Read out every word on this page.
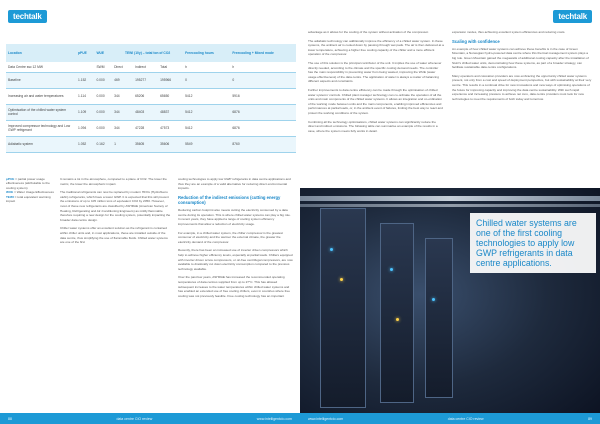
techtalk
Location	pPUE	WUE	TEWI (10y) – total ton of CO2			Freecooling hours	Freecooling + Mixed mode
Data Centre ssc 12 MW		SWM	Direct	Indirect	Total	h	h
Baseline	1.152	0.000	469	195277	195966	0	0
Increasing air and water temperatures	1.114	0.000	344	65206	65650	5412	5916
Optimisation of the chilled water system control	1.109	0.000	344	48403	48837	5412	6876
Improved compressor technology and Low GWP refrigerant	1.094	0.000	344	47228	47573	5412	6876
Adiabatic system	1.052	0.162	1	35605	35606	5549	8760

pPUE = partial power usage effectiveness (attributable to the cooling system)

WUE = Water Usage Effectiveness

TEWI = total equivalent warming impact

It remains a lot in the atmosphere, compared to a plane of CO2. The lower the metric, the lower the atmospheric impact.

The traditional refrigerants can now be replaced by modern HFOs (Hydrofluoro olefin) refrigerants, which have a lower GWP. It is expected that this will prevent the emissions of up to 105 million tons of equivalent CO2 by 2050. However, most of these new refrigerants are classified by ASHRAE (American Society of Heating, Refrigerating and Air-Conditioning Engineers) as mildly flammable therefore requiring a new design for the cooling system, potentially impacting the broader data centre design.

Chiller water systems offer an excellent solution as the refrigerant is contained within chiller units and, in most applications, these are installed outside of the data centre, thus simplifying the use of flammable fluids. Chilled water systems are one of the first

cooling technologies to apply low GWP refrigerants in data centre applications and thus they are an example of a valid alternative for reducing direct environmental impacts.

Reduction of the indirect emissions (cutting energy consumption)

Reducing carbon footprint also means cutting the electricity consumed by a data centre during its operation. This is where chilled water systems can play a big role. In recent years, they have applied a range of cooling system efficiency improvements that allow a reduction of electricity usage.

For example, in a chilled water system, the chiller compressor is the greatest consumer of electricity and the warmer the external climate, the greater the electricity demand of the compressor.

Recently, there has been an increased use of inverter driven compressors which help to achieve higher efficiency levels, especially at partial loads. Chillers equipped with inverter driven screw compressors, or oil-free centrifugal compressors, are now available to drastically cut down electricity consumption compared to the previous technology available.

Over the past few years, ASHRAE has increased the recommended operating temperatures of data centres supplied from up to 27°C. This has allowed subsequent increases to the water temperatures within chilled water systems and has enabled an extended use of free cooling chillers, even in countries where free cooling was not previously feasible. Free cooling technology has an important

88	data centre CIO review	www.intelligentcio.com
techtalk

advantage as it allows for the cooling of the system without activation of the compressor.

The adiabatic technology can additionally improve the efficiency of a chilled water system. In these systems, the ambient air is cooled down by passing through wet pads. The air is then delivered at a lower temperature, achieving a higher free cooling capacity of the chiller and a more efficient operation of the compressor.

The use of this solution is the principal contributor of the unit. It implies the use of water whenever directly needed, according to the climate and the specific cooling demand needs. The controller has the main responsibility in preventing water from being wasted, improving the WUE (water usage effectiveness) of the data centre. The application of water is always a matter of balancing different aspects and constraints.

Further improvements to data centre efficiency can be made through the optimisation of chilled water systems' controls. Chilled plant manager technology can co-ordinate the operation of all the units and main components of the chilled water systems. It allows an integration and co-ordination of the working mode between units and the main components, enabling improved efficiencies and performances at partial loads, or, in the ambient event of failures, limiting the best way to react and protect the working conditions of the system.

Combining all the technology optimisations, chilled water systems can significantly reduce the direct and indirect emissions. The following table can summarise an example of the results in a case, where the system meets fully works in detail.

expansion modes, thus achieving excellent system efficiencies and reducing costs.

Scaling with confidence

An example of how chilled water systems can achieve these benefits is in the case of Green Mountain, a Norwegian hydro-powered data centre where this thermal management system plays a big role. Green Mountain gained the megawatts of additional cooling capacity after the installation of Stulz's chilled water units, demonstrating how these systems, as part of a broader strategy, can facilitate sustainable data centre configurations.

Many operators and colocation providers are now embracing the opportunity chilled water systems present, not only from a cost and speed of deployment perspective, but with sustainability at their very centre. This results in a continual drive for new innovations and new ways of optimising operations of the future for improving capacity and improving the data centre sustainability. With such rapid experience and increasing pressure to achieve net zero, data centre providers must look for new technologies to meet the requirements of both today and tomorrow.

Chilled water systems are one of the first cooling technologies to apply low GWP refrigerants in data centre applications.
www.intelligentcio.com	data centre CIO review	89
